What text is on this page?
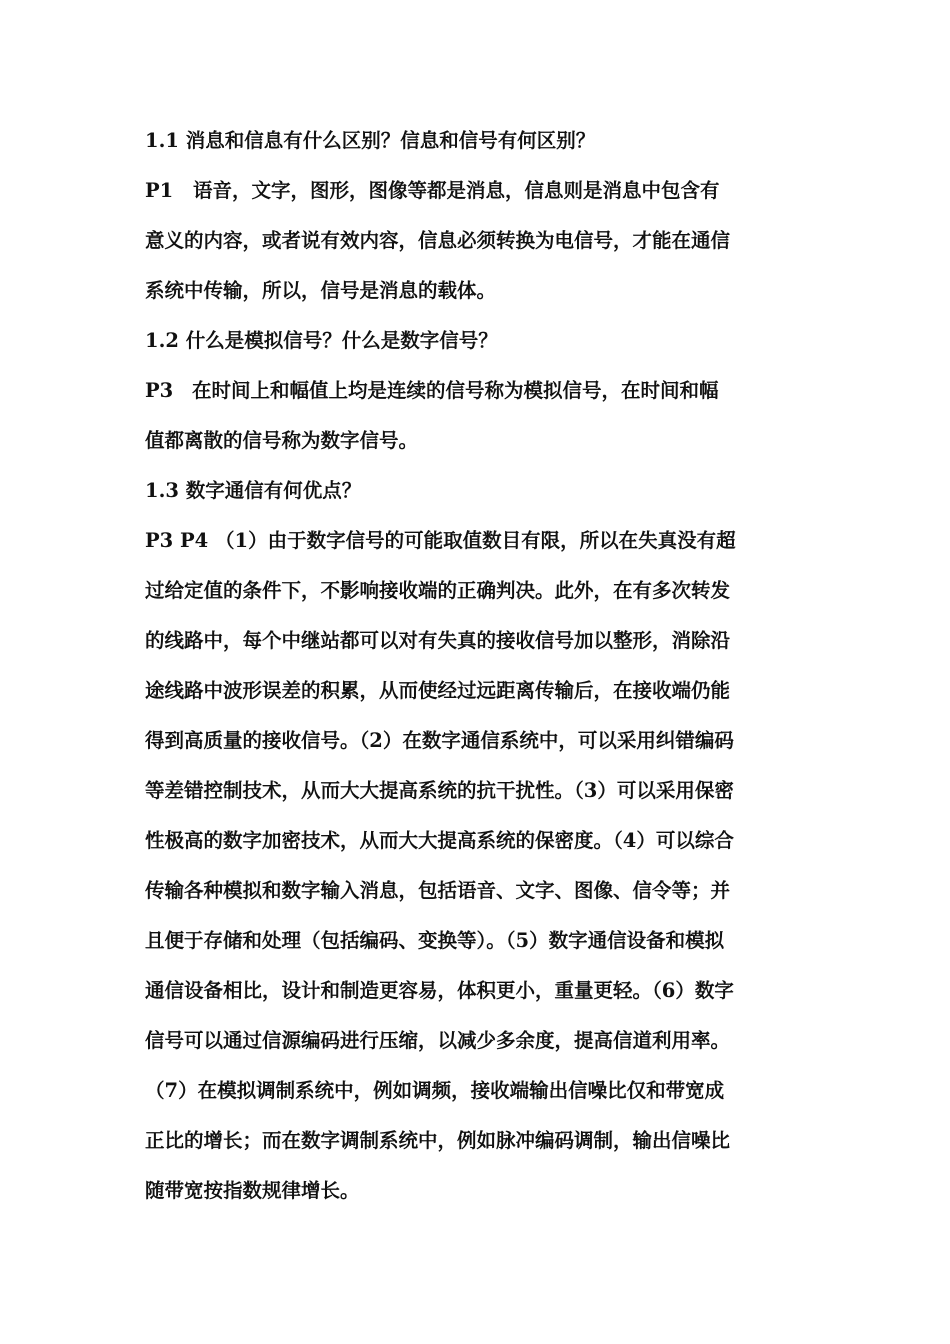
1.1 消息和信息有什么区别？信息和信号有何区别？
P1 语音，文字，图形，图像等都是消息，信息则是消息中包含有
意义的内容，或者说有效内容，信息必须转换为电信号，才能在通信
系统中传输，所以，信号是消息的载体。
1.2 什么是模拟信号？什么是数字信号？
P3 在时间上和幅值上均是连续的信号称为模拟信号，在时间和幅
值都离散的信号称为数字信号。
1.3 数字通信有何优点？
P3 P4 （1）由于数字信号的可能取值数目有限，所以在失真没有超
过给定值的条件下，不影响接收端的正确判决。此外，在有多次转发
的线路中，每个中继站都可以对有失真的接收信号加以整形，消除沿
途线路中波形误差的积累，从而使经过远距离传输后，在接收端仍能
得到高质量的接收信号。（2）在数字通信系统中，可以采用纠错编码
等差错控制技术，从而大大提高系统的抗干扰性。（3）可以采用保密
性极高的数字加密技术，从而大大提高系统的保密度。（4）可以综合
传输各种模拟和数字输入消息，包括语音、文字、图像、信令等；并
且便于存储和处理（包括编码、变换等）。（5）数字通信设备和模拟
通信设备相比，设计和制造更容易，体积更小，重量更轻。（6）数字
信号可以通过信源编码进行压缩，以减少多余度，提高信道利用率。
（7）在模拟调制系统中，例如调频，接收端输出信噪比仅和带宽成
正比的增长；而在数字调制系统中，例如脉冲编码调制，输出信噪比
随带宽按指数规律增长。
